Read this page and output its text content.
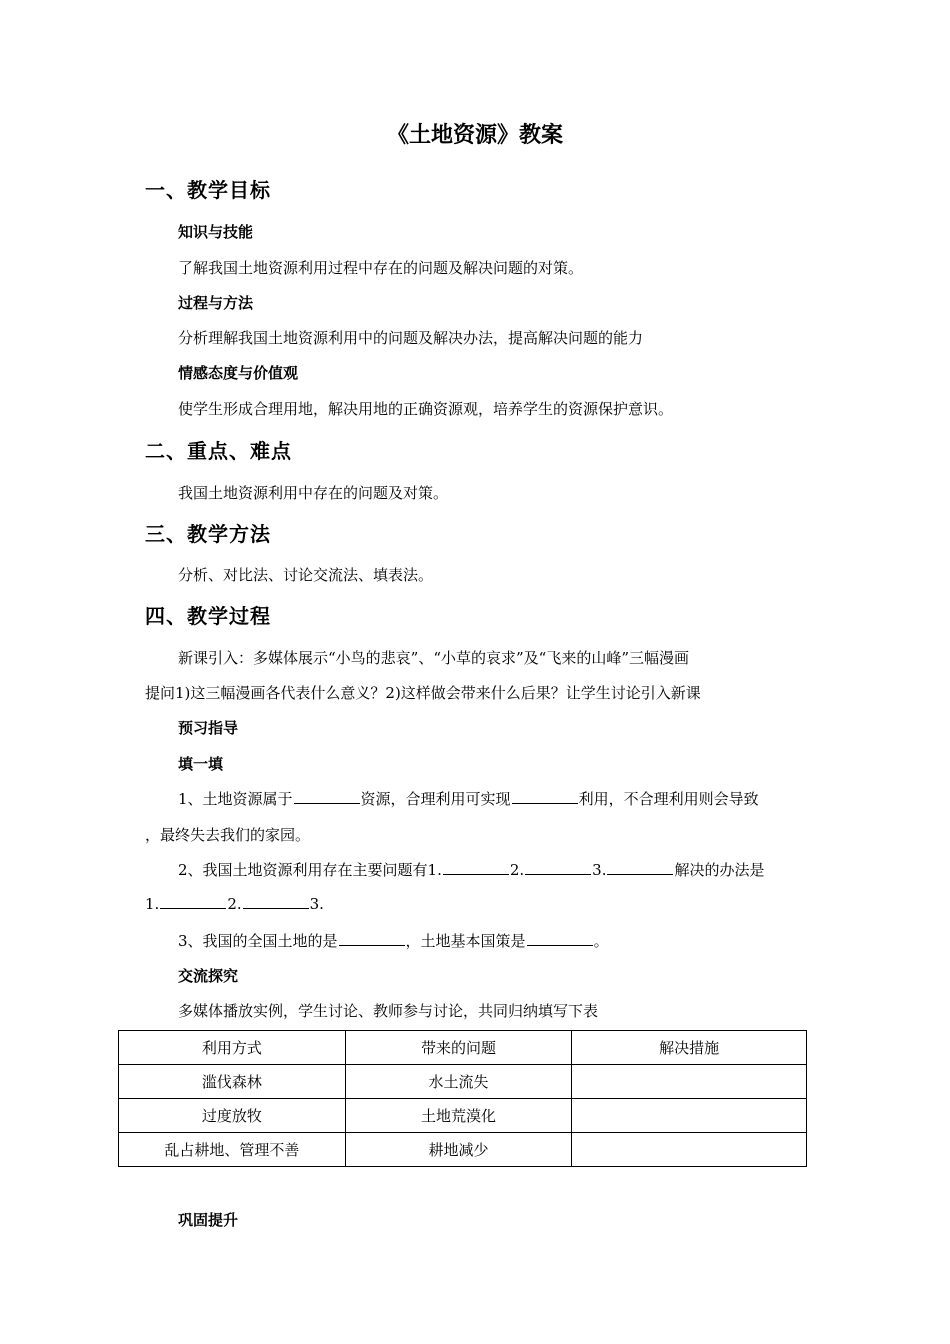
《土地资源》教案
一、教学目标
知识与技能
了解我国土地资源利用过程中存在的问题及解决问题的对策。
过程与方法
分析理解我国土地资源利用中的问题及解决办法，提高解决问题的能力
情感态度与价值观
使学生形成合理用地，解决用地的正确资源观，培养学生的资源保护意识。
二、重点、难点
我国土地资源利用中存在的问题及对策。
三、教学方法
分析、对比法、讨论交流法、填表法。
四、教学过程
新课引入：多媒体展示“小鸟的悲哀”、“小草的哀求”及“飞来的山峰”三幅漫画
提问1)这三幅漫画各代表什么意义？2)这样做会带来什么后果？让学生讨论引入新课
预习指导
填一填
1、土地资源属于	资源，合理利用可实现	利用，不合理利用则会导致
，最终失去我们的家园。
2、我国土地资源利用存在主要问题有1.	2.	3.	解决的办法是
1.	2.	3.
3、我国的全国土地的是	，土地基本国策是	。
交流探究
多媒体播放实例，学生讨论、教师参与讨论，共同归纳填写下表
利用方式	带来的问题	解决措施
滥伐森林	水土流失	
过度放牧	土地荒漠化	
乱占耕地、管理不善	耕地减少	
巩固提升
